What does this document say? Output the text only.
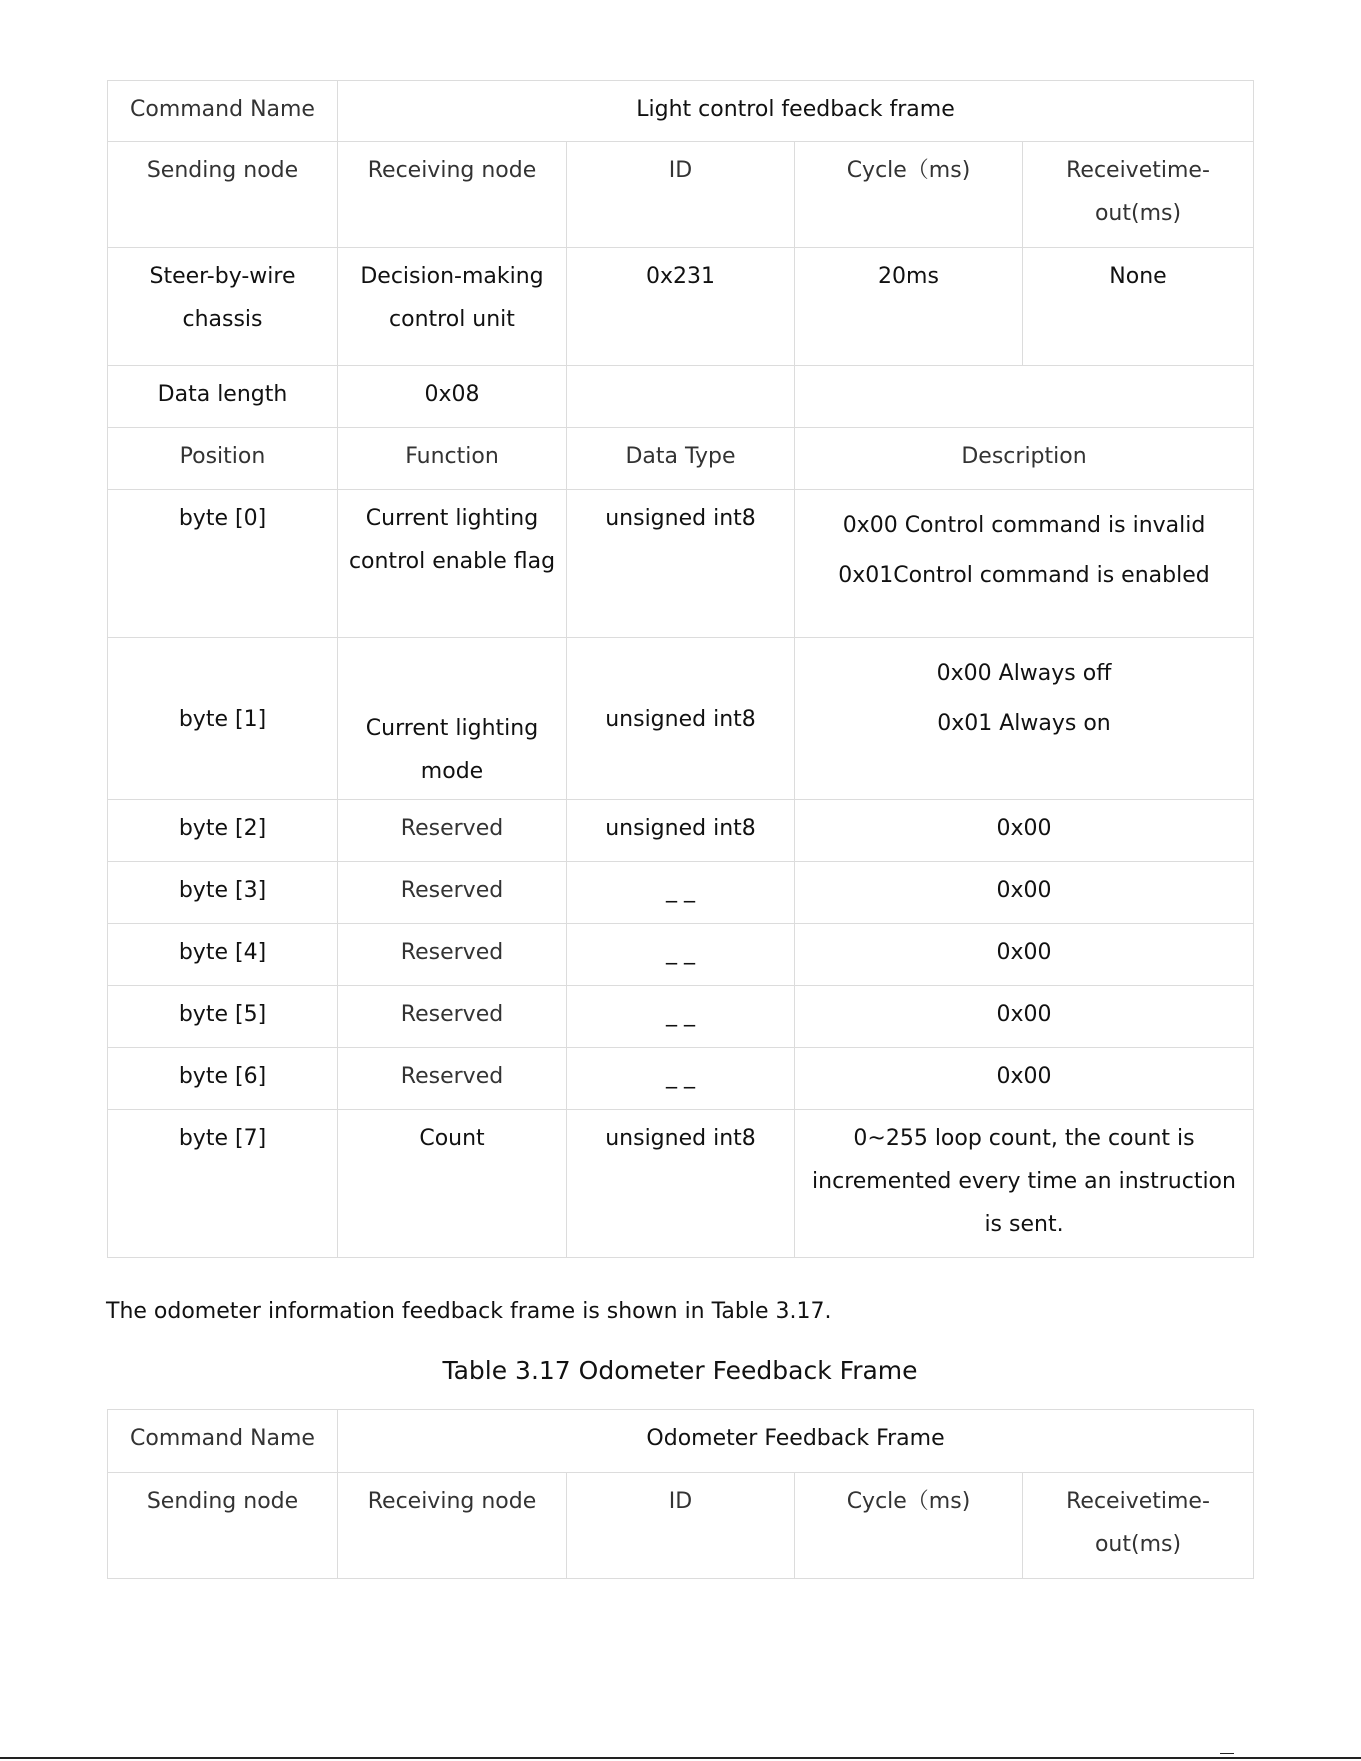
Command Name	Light control feedback frame			
Sending node	Receiving node	ID	Cycle（ms)	Receivetime-out(ms)
Steer-by-wire chassis	Decision-making control unit	0x231	20ms	None
Data length	0x08			
Position	Function	Data Type	Description	
byte [0]	Current lighting control enable flag	unsigned int8	0x00 Control command is invalid
0x01Control command is enabled	

byte [1]	Current lighting mode	unsigned int8	0x00 Always off
0x01 Always on	

byte [2]	Reserved	unsigned int8	0x00	
byte [3]	Reserved	_ _	0x00	
byte [4]	Reserved	_ _	0x00	
byte [5]	Reserved	_ _	0x00	
byte [6]	Reserved	_ _	0x00	
byte [7]	Count	unsigned int8	0~255 loop count, the count is incremented every time an instruction is sent.	

The odometer information feedback frame is shown in Table 3.17.

Table 3.17 Odometer Feedback Frame

Command Name	Odometer Feedback Frame			
Sending node	Receiving node	ID	Cycle（ms)	Receivetime-out(ms)
